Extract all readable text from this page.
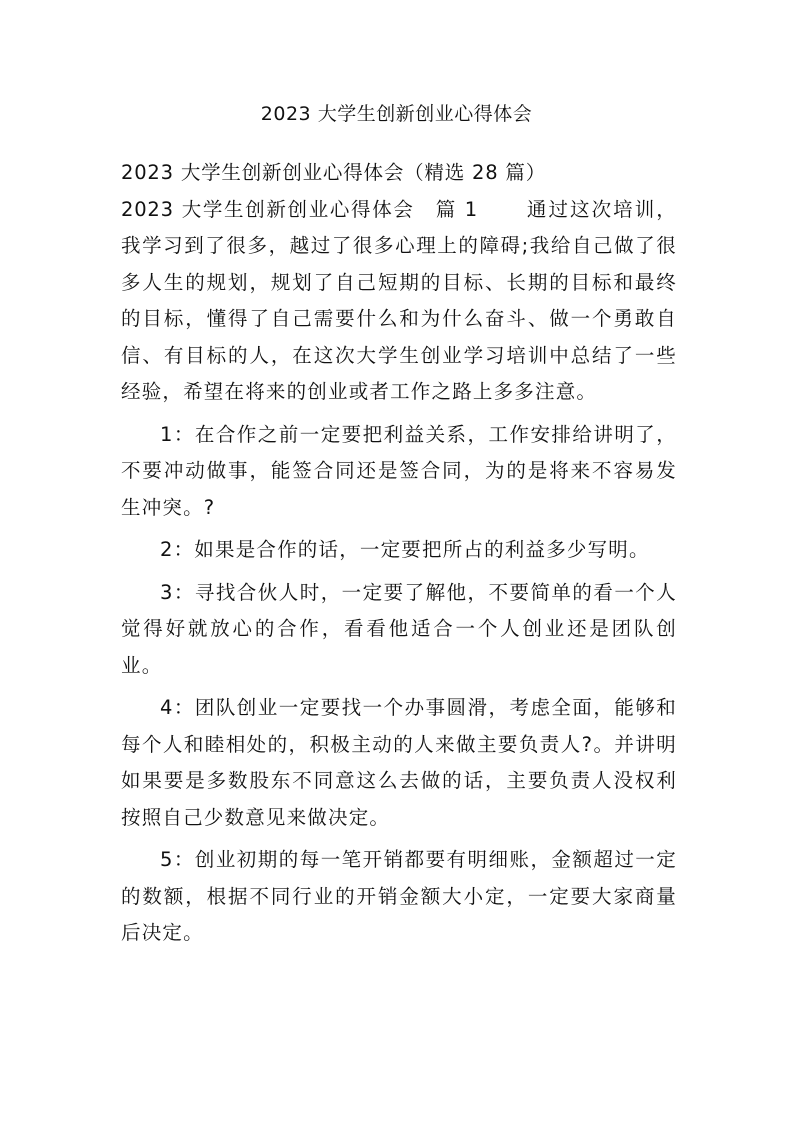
2023 大学生创新创业心得体会

2023 大学生创新创业心得体会（精选 28 篇）

2023 大学生创新创业心得体会　篇 1 通过这次培训，我学习到了很多，越过了很多心理上的障碍;我给自己做了很多人生的规划，规划了自己短期的目标、长期的目标和最终的目标，懂得了自己需要什么和为什么奋斗、做一个勇敢自信、有目标的人，在这次大学生创业学习培训中总结了一些经验，希望在将来的创业或者工作之路上多多注意。

1：在合作之前一定要把利益关系，工作安排给讲明了，不要冲动做事，能签合同还是签合同，为的是将来不容易发生冲突。?

2：如果是合作的话，一定要把所占的利益多少写明。

3：寻找合伙人时，一定要了解他，不要简单的看一个人觉得好就放心的合作，看看他适合一个人创业还是团队创业。

4：团队创业一定要找一个办事圆滑，考虑全面，能够和每个人和睦相处的，积极主动的人来做主要负责人?。并讲明如果要是多数股东不同意这么去做的话，主要负责人没权利按照自己少数意见来做决定。

5：创业初期的每一笔开销都要有明细账，金额超过一定的数额，根据不同行业的开销金额大小定，一定要大家商量后决定。
